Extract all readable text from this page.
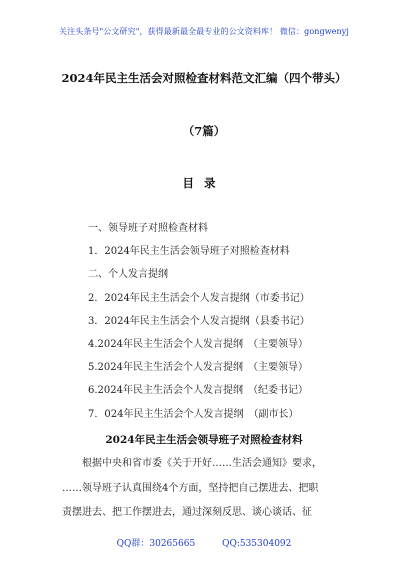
关注头条号"公文研究"，获得最新最全最专业的公文资料库！ 微信：gongwenyj
2024年民主生活会对照检查材料范文汇编（四个带头）
（7篇）
目录
一、领导班子对照检查材料
1．2024年民主生活会领导班子对照检查材料
二、个人发言提纲
2．2024年民主生活会个人发言提纲（市委书记）
3．2024年民主生活会个人发言提纲（县委书记）
4.2024年民主生活会个人发言提纲　（主要领导）
5.2024年民主生活会个人发言提纲　（主要领导）
6.2024年民主生活会个人发言提纲　（纪委书记）
7．024年民主生活会个人发言提纲　（副市长）
2024年民主生活会领导班子对照检查材料

　　根据中央和省市委《关于开好……生活会通知》要求，

……领导班子认真围绕4个方面，坚持把自己摆进去、把职

责摆进去、把工作摆进去，通过深刻反思、谈心谈话、征

QQ群：30265665	QQ:535304092
